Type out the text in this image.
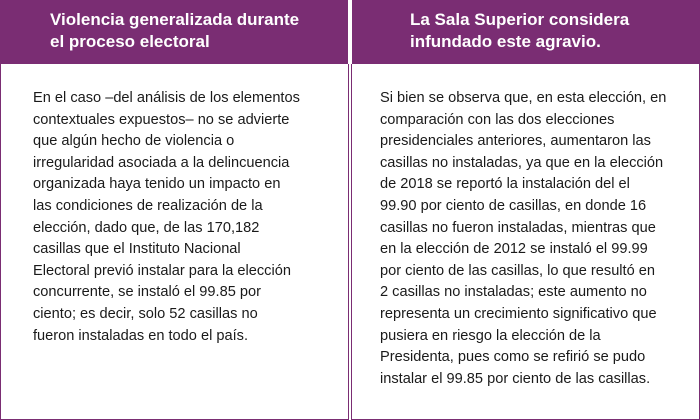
Violencia generalizada durante
el proceso electoral
La Sala Superior considera
infundado este agravio.

En el caso –del análisis de los elementos
contextuales expuestos– no se advierte
que algún hecho de violencia o
irregularidad asociada a la delincuencia
organizada haya tenido un impacto en
las condiciones de realización de la
elección, dado que, de las 170,182
casillas que el Instituto Nacional
Electoral previó instalar para la elección
concurrente, se instaló el 99.85 por
ciento; es decir, solo 52 casillas no
fueron instaladas en todo el país.

Si bien se observa que, en esta elección, en
comparación con las dos elecciones
presidenciales anteriores, aumentaron las
casillas no instaladas, ya que en la elección
de 2018 se reportó la instalación del el
99.90 por ciento de casillas, en donde 16
casillas no fueron instaladas, mientras que
en la elección de 2012 se instaló el 99.99
por ciento de las casillas, lo que resultó en
2 casillas no instaladas; este aumento no
representa un crecimiento significativo que
pusiera en riesgo la elección de la
Presidenta, pues como se refirió se pudo
instalar el 99.85 por ciento de las casillas.
